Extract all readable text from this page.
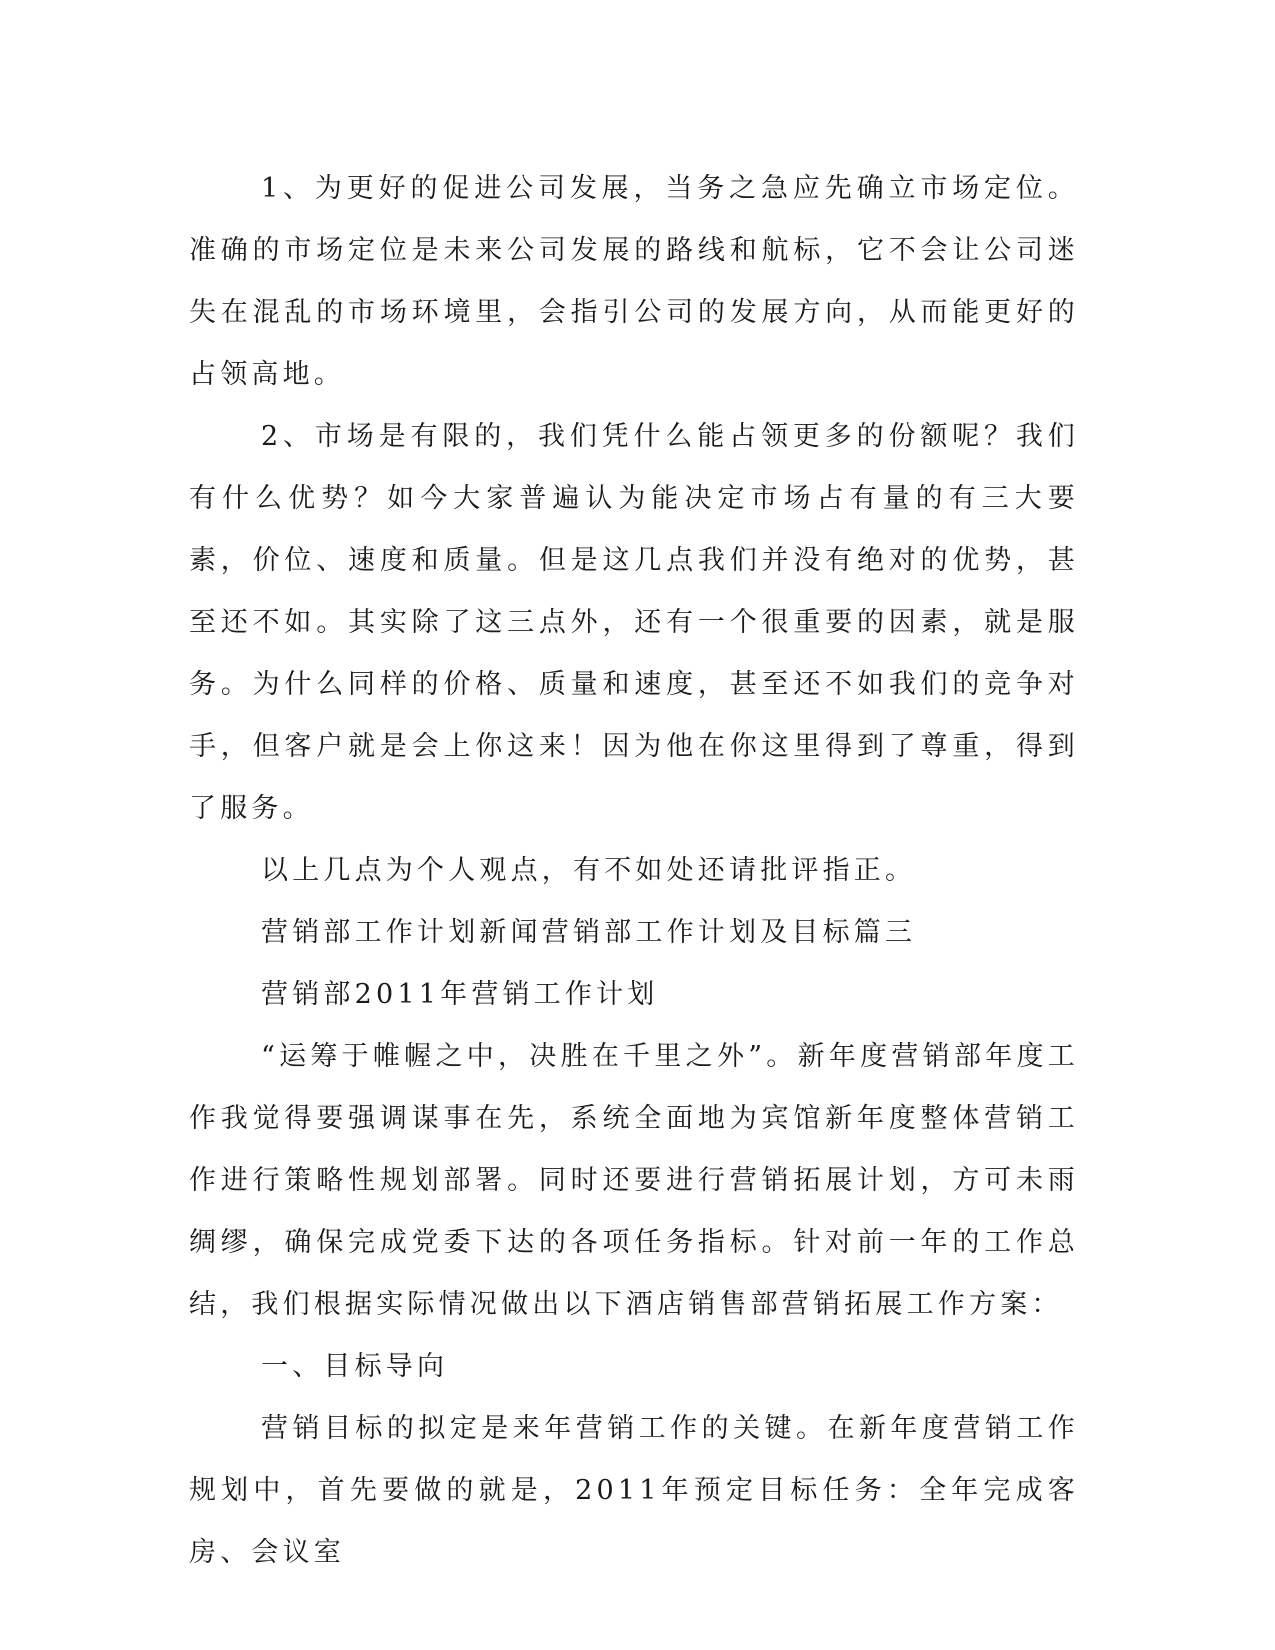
1、为更好的促进公司发展，当务之急应先确立市场定位。准确的市场定位是未来公司发展的路线和航标，它不会让公司迷失在混乱的市场环境里，会指引公司的发展方向，从而能更好的占领高地。

2、市场是有限的，我们凭什么能占领更多的份额呢？我们有什么优势？如今大家普遍认为能决定市场占有量的有三大要素，价位、速度和质量。但是这几点我们并没有绝对的优势，甚至还不如。其实除了这三点外，还有一个很重要的因素，就是服务。为什么同样的价格、质量和速度，甚至还不如我们的竞争对手，但客户就是会上你这来！因为他在你这里得到了尊重，得到了服务。

以上几点为个人观点，有不如处还请批评指正。

营销部工作计划新闻营销部工作计划及目标篇三

营销部2011年营销工作计划

“运筹于帷幄之中，决胜在千里之外”。新年度营销部年度工作我觉得要强调谋事在先，系统全面地为宾馆新年度整体营销工作进行策略性规划部署。同时还要进行营销拓展计划，方可未雨绸缪，确保完成党委下达的各项任务指标。针对前一年的工作总结，我们根据实际情况做出以下酒店销售部营销拓展工作方案：

一、目标导向

营销目标的拟定是来年营销工作的关键。在新年度营销工作规划中，首先要做的就是，2011年预定目标任务：全年完成客房、会议室
